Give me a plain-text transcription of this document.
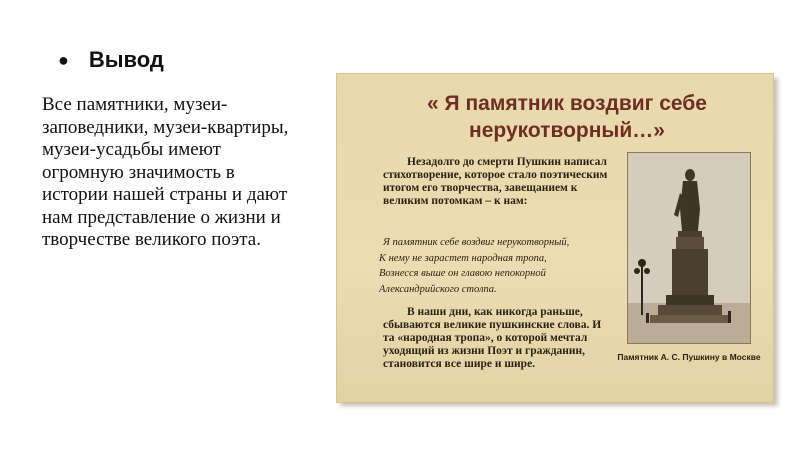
● Вывод

Все памятники, музеи-заповедники, музеи-квартиры, музеи-усадьбы имеют огромную значимость в истории нашей страны и дают нам представление о жизни и творчестве великого поэта.

« Я памятник воздвиг себе нерукотворный…»

Незадолго до смерти Пушкин написал стихотворение, которое стало поэтическим итогом его творчества, завещанием к великим потомкам – к нам:

Я памятник себе воздвиг нерукотворный,
К нему не зарастет народная тропа,
Вознесся выше он главою непокорной
Александрийского столпа.

В наши дни, как никогда раньше, сбываются великие пушкинские слова. И та «народная тропа», о которой мечтал уходящий из жизни Поэт и гражданин, становится все шире и шире.

Памятник А. С. Пушкину в Москве
